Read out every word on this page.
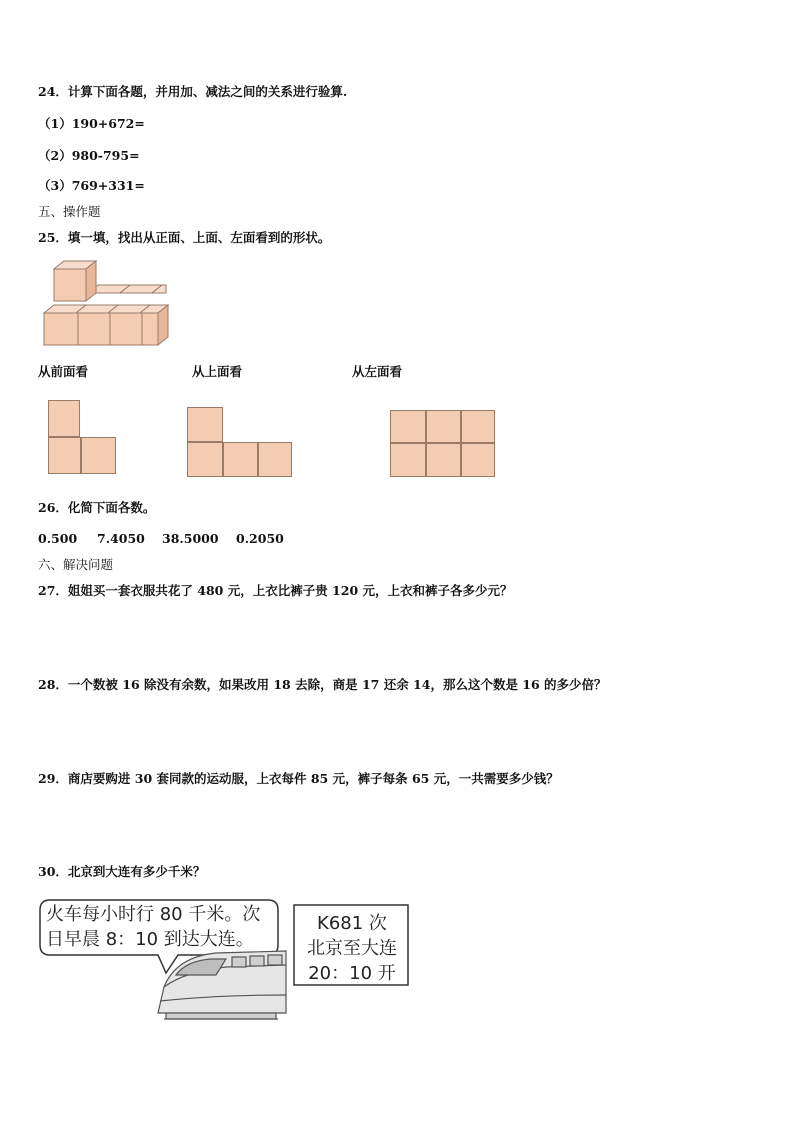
24．计算下面各题，并用加、减法之间的关系进行验算.
（1）190+672=
（2）980-795=
（3）769+331=
五、操作题
25．填一填，找出从正面、上面、左面看到的形状。
从前面看	从上面看	从左面看
26．化简下面各数。
0.500 7.4050 38.5000 0.2050
六、解决问题
27．姐姐买一套衣服共花了 480 元，上衣比裤子贵 120 元，上衣和裤子各多少元？
28．一个数被 16 除没有余数，如果改用 18 去除，商是 17 还余 14，那么这个数是 16 的多少倍？
29．商店要购进 30 套同款的运动服，上衣每件 85 元，裤子每条 65 元，一共需要多少钱？
30．北京到大连有多少千米？
火车每小时行 80 千米。次
日早晨 8：10 到达大连。
K681 次
北京至大连
20：10 开
